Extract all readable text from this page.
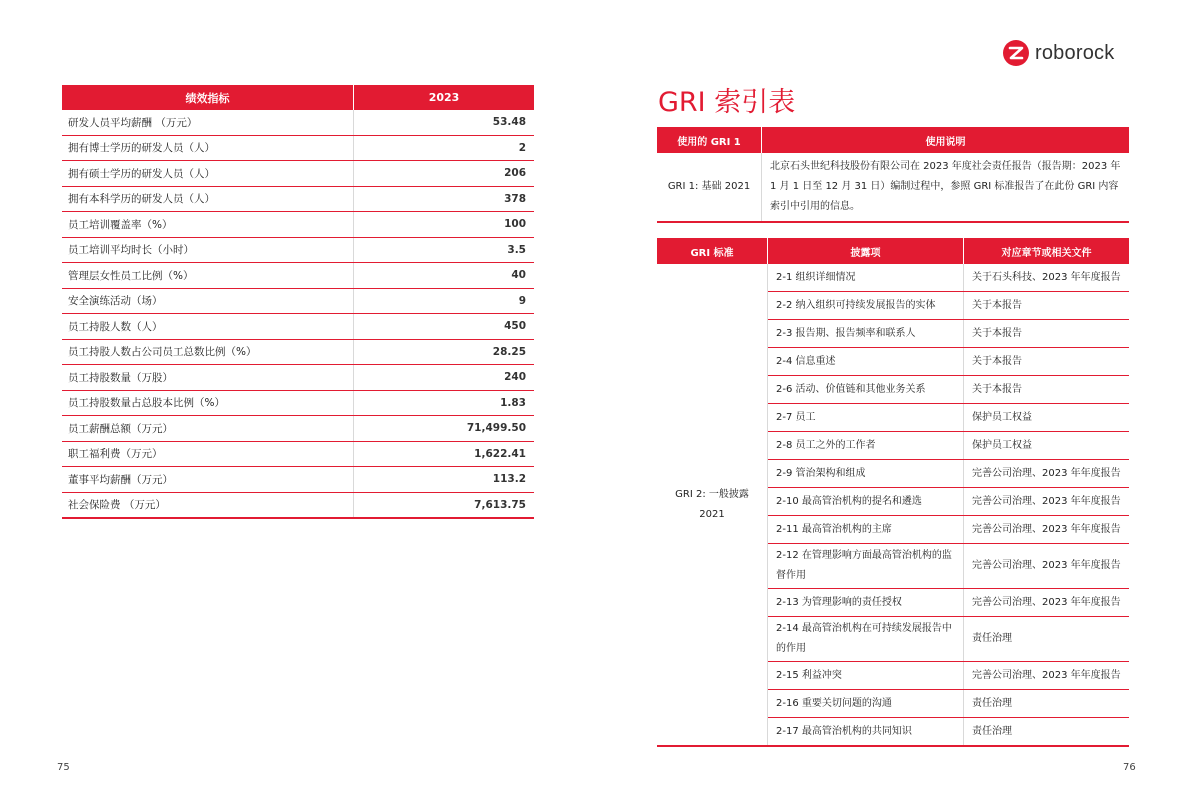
roborock
绩效指标	2023
研发人员平均薪酬 （万元）	53.48
拥有博士学历的研发人员（人）	2
拥有硕士学历的研发人员（人）	206
拥有本科学历的研发人员（人）	378
员工培训覆盖率（%）	100
员工培训平均时长（小时）	3.5
管理层女性员工比例（%）	40
安全演练活动（场）	9
员工持股人数（人）	450
员工持股人数占公司员工总数比例（%）	28.25
员工持股数量（万股）	240
员工持股数量占总股本比例（%）	1.83
员工薪酬总额（万元）	71,499.50
职工福利费（万元）	1,622.41
董事平均薪酬（万元）	113.2
社会保险费 （万元）	7,613.75
GRI 索引表
使用的 GRI 1	使用说明
GRI 1: 基础 2021	北京石头世纪科技股份有限公司在 2023 年度社会责任报告（报告期：2023 年 1 月 1 日至 12 月 31 日）编制过程中，参照 GRI 标准报告了在此份 GRI 内容索引中引用的信息。
GRI 标准	披露项	对应章节或相关文件
GRI 2: 一般披露 2021	2-1 组织详细情况	关于石头科技、2023 年年度报告
	2-2 纳入组织可持续发展报告的实体	关于本报告
	2-3 报告期、报告频率和联系人	关于本报告
	2-4 信息重述	关于本报告
	2-6 活动、价值链和其他业务关系	关于本报告
	2-7 员工	保护员工权益
	2-8 员工之外的工作者	保护员工权益
	2-9 管治架构和组成	完善公司治理、2023 年年度报告
	2-10 最高管治机构的提名和遴选	完善公司治理、2023 年年度报告
	2-11 最高管治机构的主席	完善公司治理、2023 年年度报告
	2-12 在管理影响方面最高管治机构的监督作用	完善公司治理、2023 年年度报告
	2-13 为管理影响的责任授权	完善公司治理、2023 年年度报告
	2-14 最高管治机构在可持续发展报告中的作用	责任治理
	2-15 利益冲突	完善公司治理、2023 年年度报告
	2-16 重要关切问题的沟通	责任治理
	2-17 最高管治机构的共同知识	责任治理
75	76
